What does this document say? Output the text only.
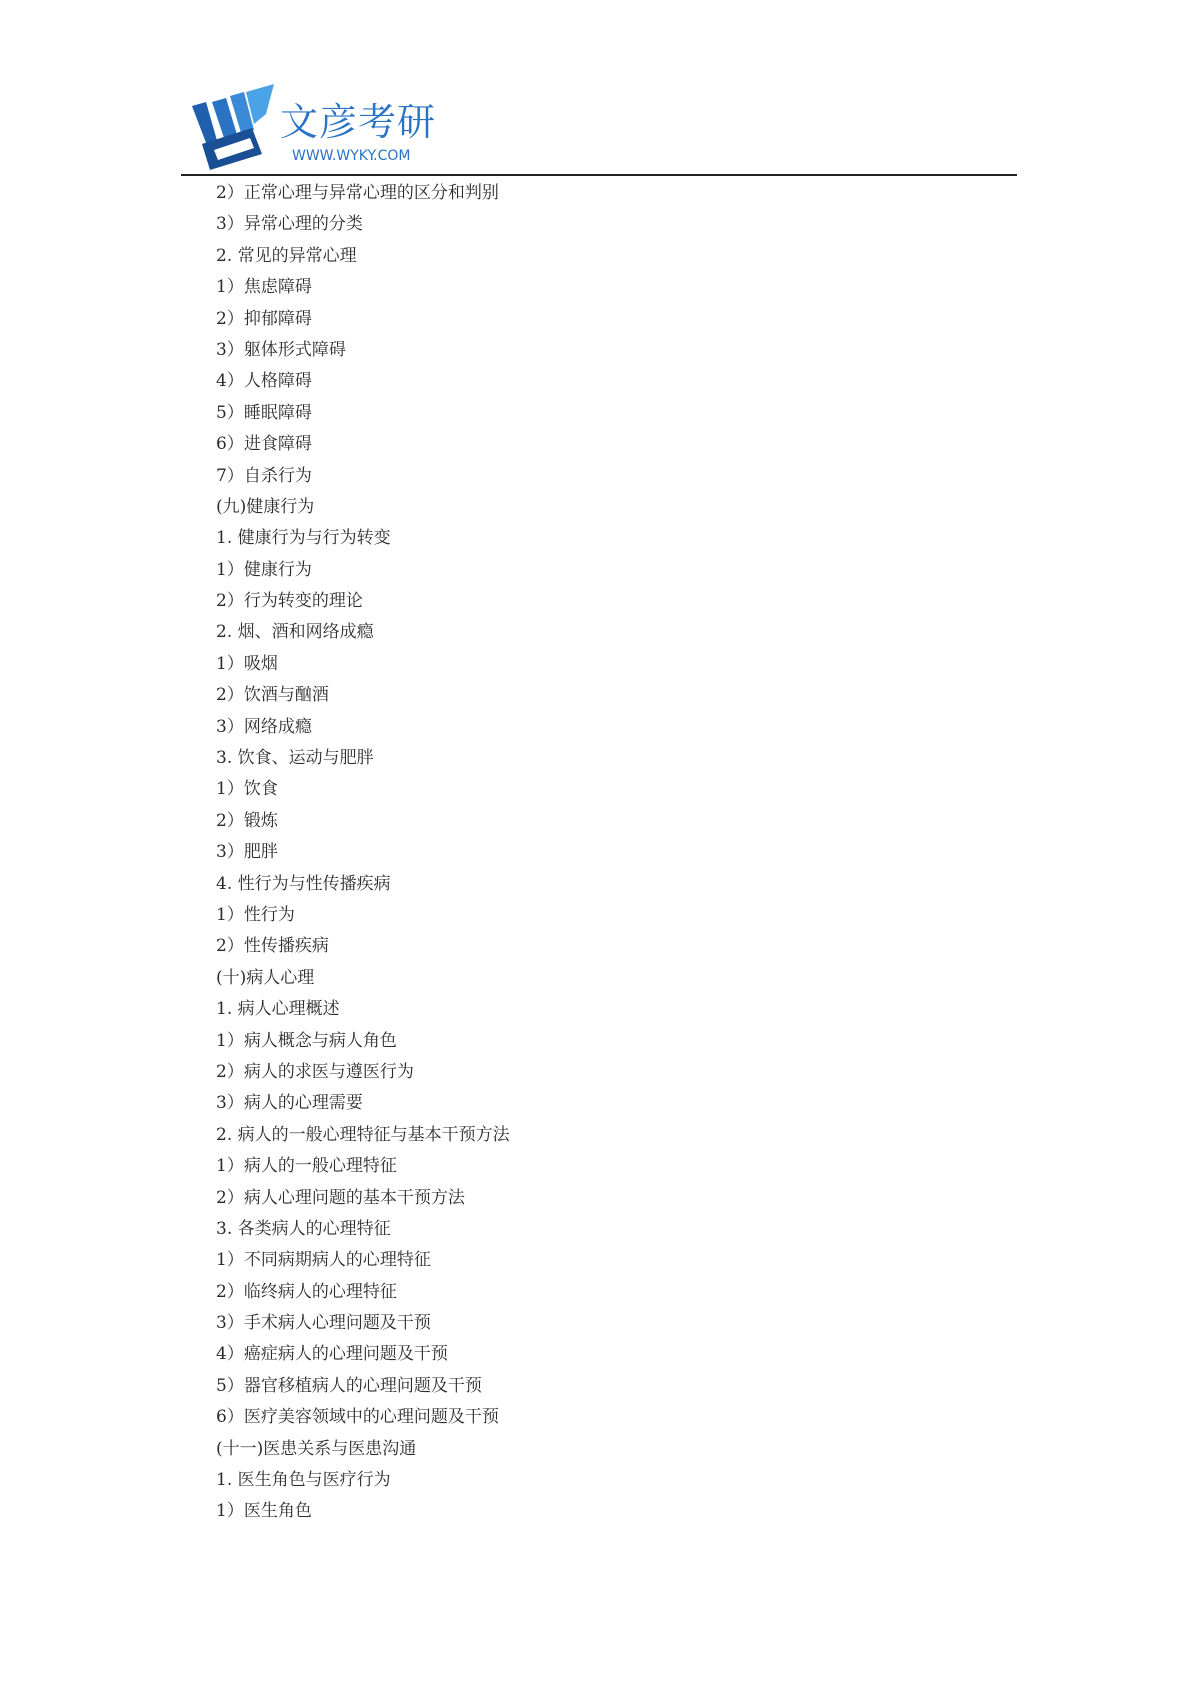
文彦考研
WWW.WYKY.COM

2）正常心理与异常心理的区分和判别

3）异常心理的分类

2. 常见的异常心理

1）焦虑障碍

2）抑郁障碍

3）躯体形式障碍

4）人格障碍

5）睡眠障碍

6）进食障碍

7）自杀行为

(九)健康行为

1. 健康行为与行为转变

1）健康行为

2）行为转变的理论

2. 烟、酒和网络成瘾

1）吸烟

2）饮酒与酗酒

3）网络成瘾

3. 饮食、运动与肥胖

1）饮食

2）锻炼

3）肥胖

4. 性行为与性传播疾病

1）性行为

2）性传播疾病

(十)病人心理

1. 病人心理概述

1）病人概念与病人角色

2）病人的求医与遵医行为

3）病人的心理需要

2. 病人的一般心理特征与基本干预方法

1）病人的一般心理特征

2）病人心理问题的基本干预方法

3. 各类病人的心理特征

1）不同病期病人的心理特征

2）临终病人的心理特征

3）手术病人心理问题及干预

4）癌症病人的心理问题及干预

5）器官移植病人的心理问题及干预

6）医疗美容领域中的心理问题及干预

(十一)医患关系与医患沟通

1. 医生角色与医疗行为

1）医生角色
